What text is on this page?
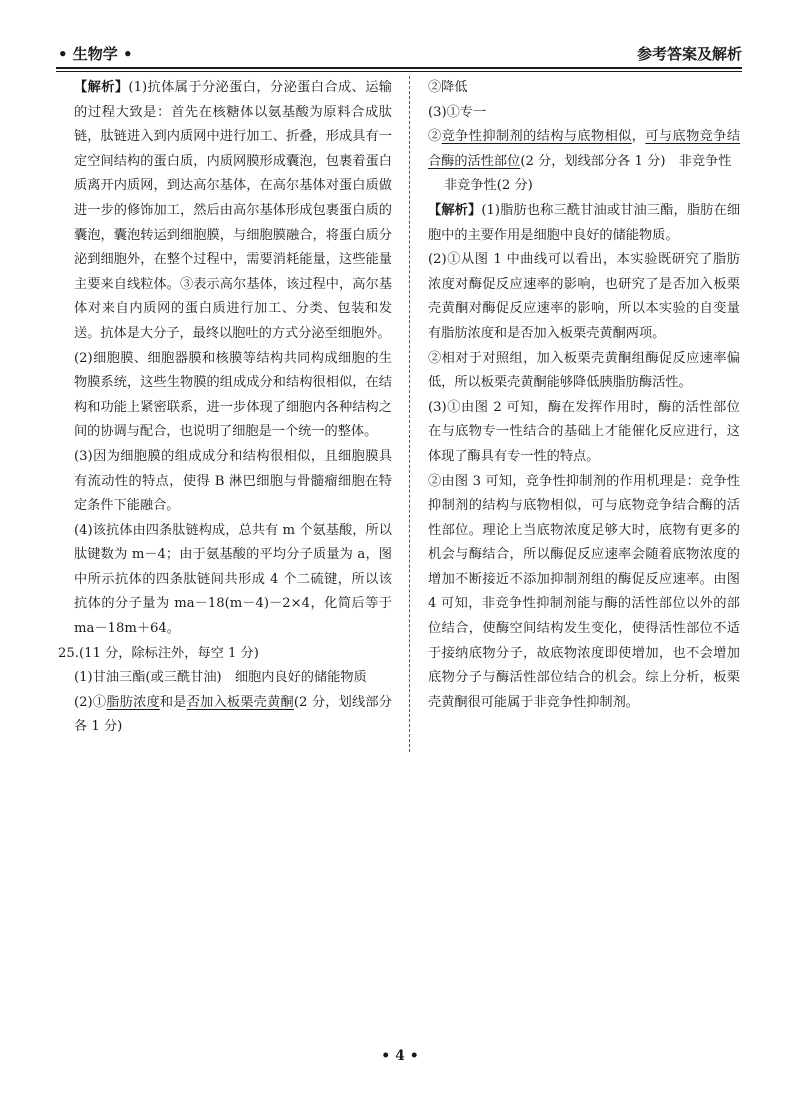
• 生物学 •	参考答案及解析

【解析】(1)抗体属于分泌蛋白，分泌蛋白合成、运输的过程大致是：首先在核糖体以氨基酸为原料合成肽链，肽链进入到内质网中进行加工、折叠，形成具有一定空间结构的蛋白质，内质网膜形成囊泡，包裹着蛋白质离开内质网，到达高尔基体，在高尔基体对蛋白质做进一步的修饰加工，然后由高尔基体形成包裹蛋白质的囊泡，囊泡转运到细胞膜，与细胞膜融合，将蛋白质分泌到细胞外，在整个过程中，需要消耗能量，这些能量主要来自线粒体。③表示高尔基体，该过程中，高尔基体对来自内质网的蛋白质进行加工、分类、包装和发送。抗体是大分子，最终以胞吐的方式分泌至细胞外。

(2)细胞膜、细胞器膜和核膜等结构共同构成细胞的生物膜系统，这些生物膜的组成成分和结构很相似，在结构和功能上紧密联系，进一步体现了细胞内各种结构之间的协调与配合，也说明了细胞是一个统一的整体。

(3)因为细胞膜的组成成分和结构很相似，且细胞膜具有流动性的特点，使得 B 淋巴细胞与骨髓瘤细胞在特定条件下能融合。

(4)该抗体由四条肽链构成，总共有 m 个氨基酸，所以肽键数为 m－4；由于氨基酸的平均分子质量为 a，图中所示抗体的四条肽链间共形成 4 个二硫键，所以该抗体的分子量为 ma－18(m－4)－2×4，化简后等于 ma－18m＋64。

25.(11 分，除标注外，每空 1 分)

(1)甘油三酯(或三酰甘油)  细胞内良好的储能物质

(2)①脂肪浓度和是否加入板栗壳黄酮(2 分，划线部分各 1 分)

②降低

(3)①专一

②竞争性抑制剂的结构与底物相似，可与底物竞争结合酶的活性部位(2 分，划线部分各 1 分)　非竞争性

非竞争性(2 分)

【解析】(1)脂肪也称三酰甘油或甘油三酯，脂肪在细胞中的主要作用是细胞中良好的储能物质。

(2)①从图 1 中曲线可以看出，本实验既研究了脂肪浓度对酶促反应速率的影响，也研究了是否加入板栗壳黄酮对酶促反应速率的影响，所以本实验的自变量有脂肪浓度和是否加入板栗壳黄酮两项。

②相对于对照组，加入板栗壳黄酮组酶促反应速率偏低，所以板栗壳黄酮能够降低胰脂肪酶活性。

(3)①由图 2 可知，酶在发挥作用时，酶的活性部位在与底物专一性结合的基础上才能催化反应进行，这体现了酶具有专一性的特点。

②由图 3 可知，竞争性抑制剂的作用机理是：竞争性抑制剂的结构与底物相似，可与底物竞争结合酶的活性部位。理论上当底物浓度足够大时，底物有更多的机会与酶结合，所以酶促反应速率会随着底物浓度的增加不断接近不添加抑制剂组的酶促反应速率。由图 4 可知，非竞争性抑制剂能与酶的活性部位以外的部位结合，使酶空间结构发生变化，使得活性部位不适于接纳底物分子，故底物浓度即使增加，也不会增加底物分子与酶活性部位结合的机会。综上分析，板栗壳黄酮很可能属于非竞争性抑制剂。

• 4 •
